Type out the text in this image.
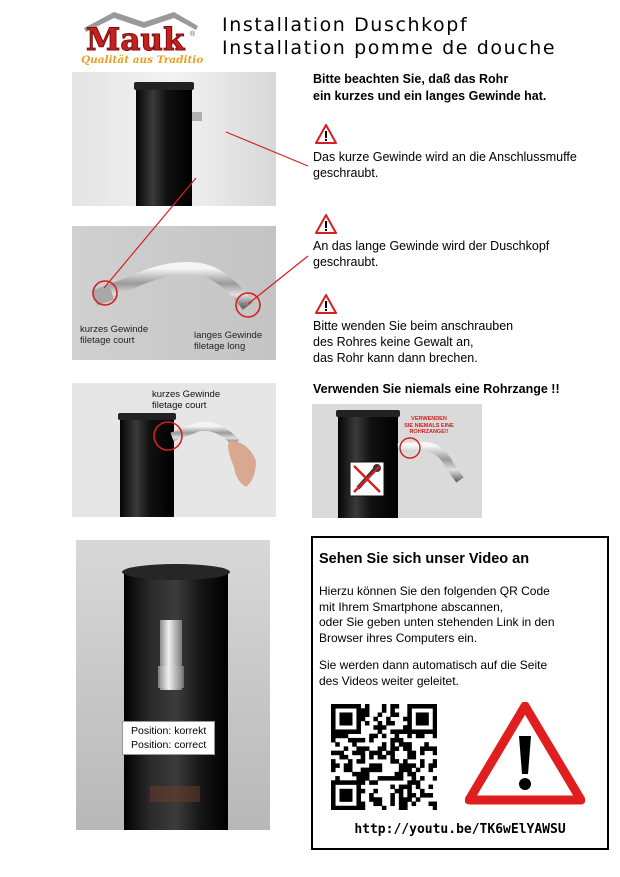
Mauk ®
Qualität aus Tradition
Installation Duschkopf
Installation pomme de douche
kurzes Gewinde
filetage court	langes Gewinde
filetage long
kurzes Gewinde
filetage court
VERWENDEN
SIE NIEMALS EINE
ROHRZANGE!!
Position: korrekt
Position: correct
Bitte beachten Sie, daß das Rohr
ein kurzes und ein langes Gewinde hat.
Das kurze Gewinde wird an die Anschlussmuffe
geschraubt.
An das lange Gewinde wird der Duschkopf
geschraubt.
Bitte wenden Sie beim anschrauben
des Rohres keine Gewalt an,
das Rohr kann dann brechen.
Verwenden Sie niemals eine Rohrzange !!
Sehen Sie sich unser Video an
Hierzu können Sie den folgenden QR Code
mit Ihrem Smartphone abscannen,
oder Sie geben unten stehenden Link in den
Browser ihres Computers ein.
Sie werden dann automatisch auf die Seite
des Videos weiter geleitet.
http://youtu.be/TK6wElYAWSU
